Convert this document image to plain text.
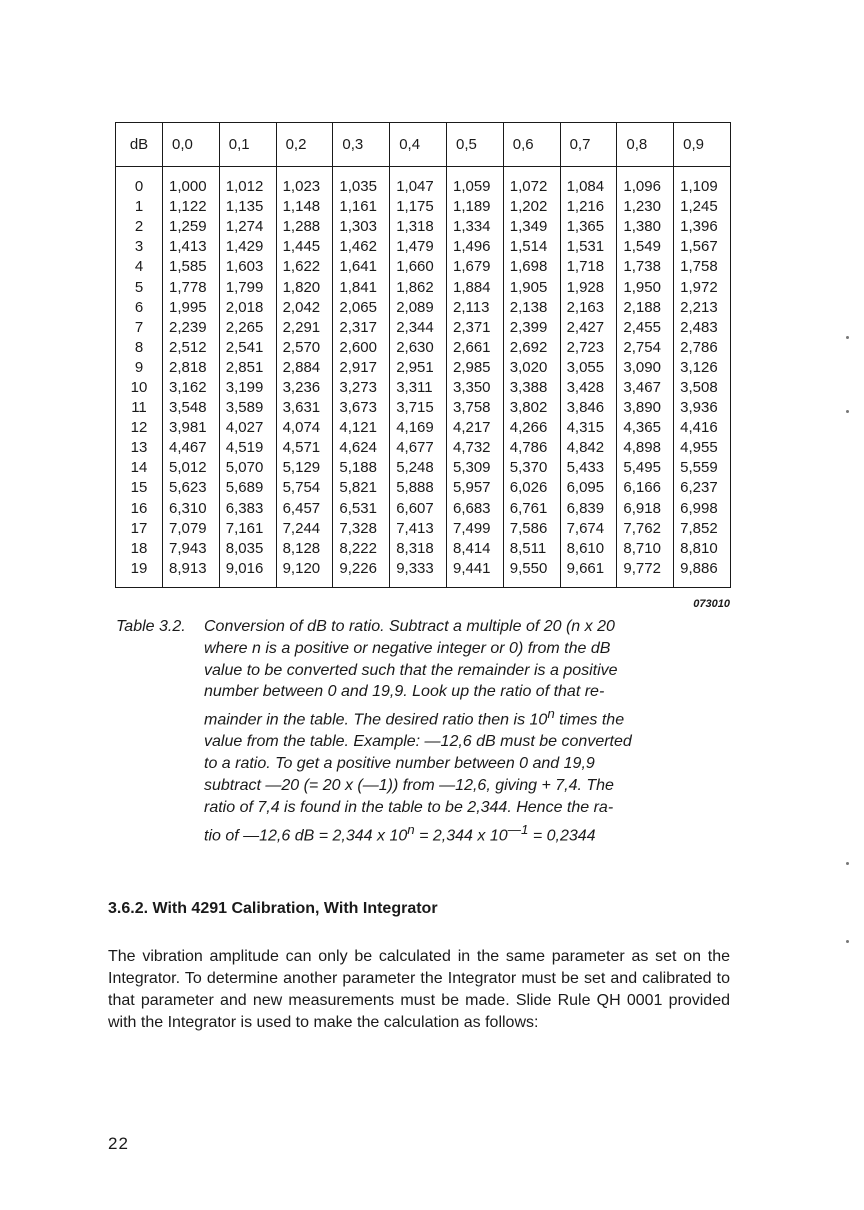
dB	0,0	0,1	0,2	0,3	0,4	0,5	0,6	0,7	0,8	0,9
0	1,000	1,012	1,023	1,035	1,047	1,059	1,072	1,084	1,096	1,109
1	1,122	1,135	1,148	1,161	1,175	1,189	1,202	1,216	1,230	1,245
2	1,259	1,274	1,288	1,303	1,318	1,334	1,349	1,365	1,380	1,396
3	1,413	1,429	1,445	1,462	1,479	1,496	1,514	1,531	1,549	1,567
4	1,585	1,603	1,622	1,641	1,660	1,679	1,698	1,718	1,738	1,758
5	1,778	1,799	1,820	1,841	1,862	1,884	1,905	1,928	1,950	1,972
6	1,995	2,018	2,042	2,065	2,089	2,113	2,138	2,163	2,188	2,213
7	2,239	2,265	2,291	2,317	2,344	2,371	2,399	2,427	2,455	2,483
8	2,512	2,541	2,570	2,600	2,630	2,661	2,692	2,723	2,754	2,786
9	2,818	2,851	2,884	2,917	2,951	2,985	3,020	3,055	3,090	3,126
10	3,162	3,199	3,236	3,273	3,311	3,350	3,388	3,428	3,467	3,508
11	3,548	3,589	3,631	3,673	3,715	3,758	3,802	3,846	3,890	3,936
12	3,981	4,027	4,074	4,121	4,169	4,217	4,266	4,315	4,365	4,416
13	4,467	4,519	4,571	4,624	4,677	4,732	4,786	4,842	4,898	4,955
14	5,012	5,070	5,129	5,188	5,248	5,309	5,370	5,433	5,495	5,559
15	5,623	5,689	5,754	5,821	5,888	5,957	6,026	6,095	6,166	6,237
16	6,310	6,383	6,457	6,531	6,607	6,683	6,761	6,839	6,918	6,998
17	7,079	7,161	7,244	7,328	7,413	7,499	7,586	7,674	7,762	7,852
18	7,943	8,035	8,128	8,222	8,318	8,414	8,511	8,610	8,710	8,810
19	8,913	9,016	9,120	9,226	9,333	9,441	9,550	9,661	9,772	9,886
073010
Table 3.2. Conversion of dB to ratio. Subtract a multiple of 20 (n x 20
where n is a positive or negative integer or 0) from the dB
value to be converted such that the remainder is a positive
number between 0 and 19,9. Look up the ratio of that re-
mainder in the table. The desired ratio then is 10$^n$ times the
value from the table. Example: —12,6 dB must be converted
to a ratio. To get a positive number between 0 and 19,9
subtract —20 (= 20 x (—1)) from —12,6, giving + 7,4. The
ratio of 7,4 is found in the table to be 2,344. Hence the ra-
tio of —12,6 dB = 2,344 x $10^n = 2,344$ x $10^{—1} = 0,2344$
3.6.2. With 4291 Calibration, With Integrator
The vibration amplitude can only be calculated in the same parameter as set on the Integrator. To determine another parameter the Integrator must be set and calibrated to that parameter and new measurements must be made. Slide Rule QH 0001 provided with the Integrator is used to make the calculation as follows:
22
